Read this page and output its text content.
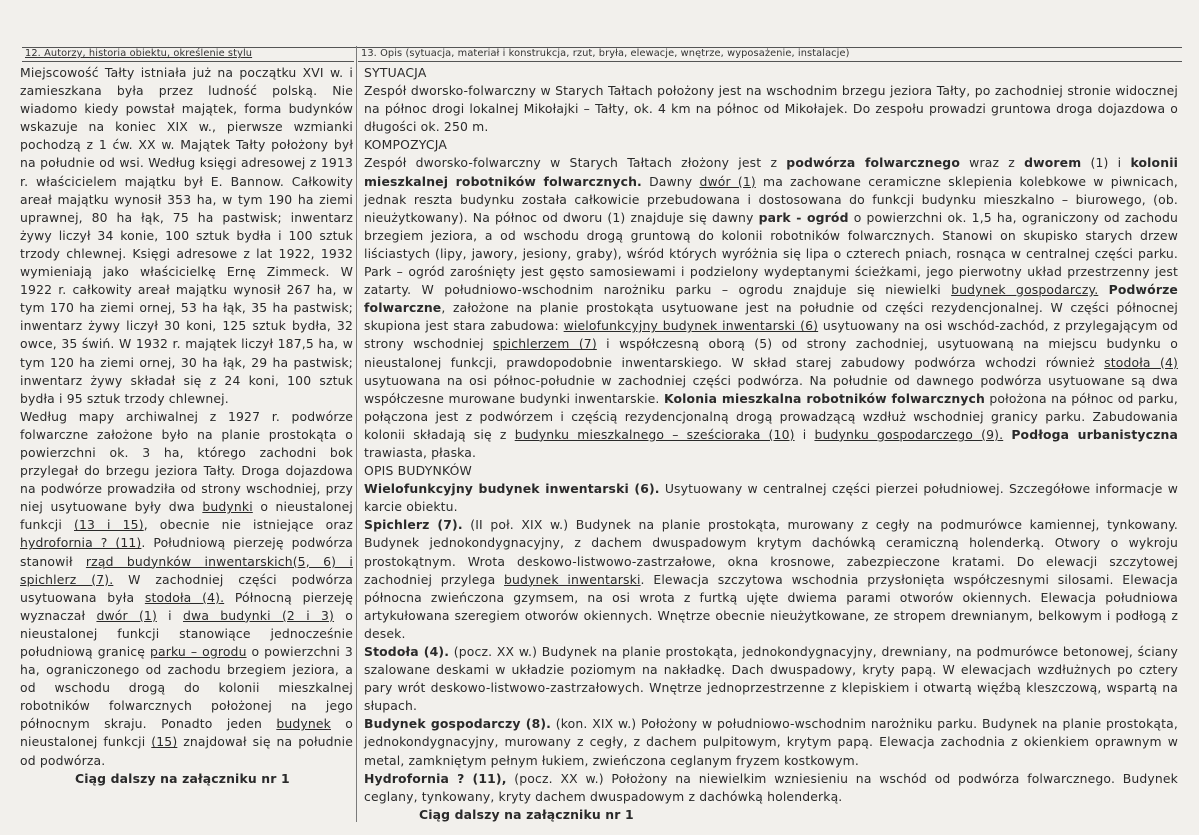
12. Autorzy, historia obiektu, określenie stylu	13. Opis (sytuacja, materiał i konstrukcja, rzut, bryła, elewacje, wnętrze, wyposażenie, instalacje)

Miejscowość Tałty istniała już na początku XVI w. i zamieszkana była przez ludność polską. Nie wiadomo kiedy powstał majątek, forma budynków wskazuje na koniec XIX w., pierwsze wzmianki pochodzą z 1 ćw. XX w. Majątek Tałty położony był na południe od wsi. Według księgi adresowej z 1913 r. właścicielem majątku był E. Bannow. Całkowity areał majątku wynosił 353 ha, w tym 190 ha ziemi uprawnej, 80 ha łąk, 75 ha pastwisk; inwentarz żywy liczył 34 konie, 100 sztuk bydła i 100 sztuk trzody chlewnej. Księgi adresowe z lat 1922, 1932 wymieniają jako właścicielkę Ernę Zimmeck. W 1922 r. całkowity areał majątku wynosił 267 ha, w tym 170 ha ziemi ornej, 53 ha łąk, 35 ha pastwisk; inwentarz żywy liczył 30 koni, 125 sztuk bydła, 32 owce, 35 świń. W 1932 r. majątek liczył 187,5 ha, w tym 120 ha ziemi ornej, 30 ha łąk, 29 ha pastwisk; inwentarz żywy składał się z 24 koni, 100 sztuk bydła i 95 sztuk trzody chlewnej.

Według mapy archiwalnej z 1927 r. podwórze folwarczne założone było na planie prostokąta o powierzchni ok. 3 ha, którego zachodni bok przylegał do brzegu jeziora Tałty. Droga dojazdowa na podwórze prowadziła od strony wschodniej, przy niej usytuowane były dwa budynki o nieustalonej funkcji (13 i 15), obecnie nie istniejące oraz hydrofornia ? (11). Południową pierzeję podwórza stanowił rząd budynków inwentarskich(5, 6) i spichlerz (7). W zachodniej części podwórza usytuowana była stodoła (4). Północną pierzeję wyznaczał dwór (1) i dwa budynki (2 i 3) o nieustalonej funkcji stanowiące jednocześnie południową granicę parku – ogrodu o powierzchni 3 ha, ograniczonego od zachodu brzegiem jeziora, a od wschodu drogą do kolonii mieszkalnej robotników folwarcznych położonej na jego północnym skraju. Ponadto jeden budynek o nieustalonej funkcji (15) znajdował się na południe od podwórza.

Ciąg dalszy na załączniku nr 1

SYTUACJA

Zespół dworsko-folwarczny w Starych Tałtach położony jest na wschodnim brzegu jeziora Tałty, po zachodniej stronie widocznej na północ drogi lokalnej Mikołajki – Tałty, ok. 4 km na północ od Mikołajek. Do zespołu prowadzi gruntowa droga dojazdowa o długości ok. 250 m.

KOMPOZYCJA

Zespół dworsko-folwarczny w Starych Tałtach złożony jest z podwórza folwarcznego wraz z dworem (1) i kolonii mieszkalnej robotników folwarcznych. Dawny dwór (1) ma zachowane ceramiczne sklepienia kolebkowe w piwnicach, jednak reszta budynku została całkowicie przebudowana i dostosowana do funkcji budynku mieszkalno – biurowego, (ob. nieużytkowany). Na północ od dworu (1) znajduje się dawny park - ogród o powierzchni ok. 1,5 ha, ograniczony od zachodu brzegiem jeziora, a od wschodu drogą gruntową do kolonii robotników folwarcznych. Stanowi on skupisko starych drzew liściastych (lipy, jawory, jesiony, graby), wśród których wyróżnia się lipa o czterech pniach, rosnąca w centralnej części parku. Park – ogród zarośnięty jest gęsto samosiewami i podzielony wydeptanymi ścieżkami, jego pierwotny układ przestrzenny jest zatarty. W południowo-wschodnim narożniku parku – ogrodu znajduje się niewielki budynek gospodarczy. Podwórze folwarczne, założone na planie prostokąta usytuowane jest na południe od części rezydencjonalnej. W części północnej skupiona jest stara zabudowa: wielofunkcyjny budynek inwentarski (6) usytuowany na osi wschód-zachód, z przylegającym od strony wschodniej spichlerzem (7) i współczesną oborą (5) od strony zachodniej, usytuowaną na miejscu budynku o nieustalonej funkcji, prawdopodobnie inwentarskiego. W skład starej zabudowy podwórza wchodzi również stodoła (4) usytuowana na osi północ-południe w zachodniej części podwórza. Na południe od dawnego podwórza usytuowane są dwa współczesne murowane budynki inwentarskie. Kolonia mieszkalna robotników folwarcznych położona na północ od parku, połączona jest z podwórzem i częścią rezydencjonalną drogą prowadzącą wzdłuż wschodniej granicy parku. Zabudowania kolonii składają się z budynku mieszkalnego – sześcioraka (10) i budynku gospodarczego (9). Podłoga urbanistyczna trawiasta, płaska.

OPIS BUDYNKÓW

Wielofunkcyjny budynek inwentarski (6). Usytuowany w centralnej części pierzei południowej. Szczegółowe informacje w karcie obiektu.

Spichlerz (7). (II poł. XIX w.) Budynek na planie prostokąta, murowany z cegły na podmurówce kamiennej, tynkowany. Budynek jednokondygnacyjny, z dachem dwuspadowym krytym dachówką ceramiczną holenderką. Otwory o wykroju prostokątnym. Wrota deskowo-listwowo-zastrzałowe, okna krosnowe, zabezpieczone kratami. Do elewacji szczytowej zachodniej przylega budynek inwentarski. Elewacja szczytowa wschodnia przysłonięta współczesnymi silosami. Elewacja północna zwieńczona gzymsem, na osi wrota z furtką ujęte dwiema parami otworów okiennych. Elewacja południowa artykułowana szeregiem otworów okiennych. Wnętrze obecnie nieużytkowane, ze stropem drewnianym, belkowym i podłogą z desek.

Stodoła (4). (pocz. XX w.) Budynek na planie prostokąta, jednokondygnacyjny, drewniany, na podmurówce betonowej, ściany szalowane deskami w układzie poziomym na nakładkę. Dach dwuspadowy, kryty papą. W elewacjach wzdłużnych po cztery pary wrót deskowo-listwowo-zastrzałowych. Wnętrze jednoprzestrzenne z klepiskiem i otwartą więźbą kleszczową, wspartą na słupach.

Budynek gospodarczy (8). (kon. XIX w.) Położony w południowo-wschodnim narożniku parku. Budynek na planie prostokąta, jednokondygnacyjny, murowany z cegły, z dachem pulpitowym, krytym papą. Elewacja zachodnia z okienkiem oprawnym w metal, zamkniętym pełnym łukiem, zwieńczona ceglanym fryzem kostkowym.

Hydrofornia ? (11), (pocz. XX w.) Położony na niewielkim wzniesieniu na wschód od podwórza folwarcznego. Budynek ceglany, tynkowany, kryty dachem dwuspadowym z dachówką holenderką.

Ciąg dalszy na załączniku nr 1
